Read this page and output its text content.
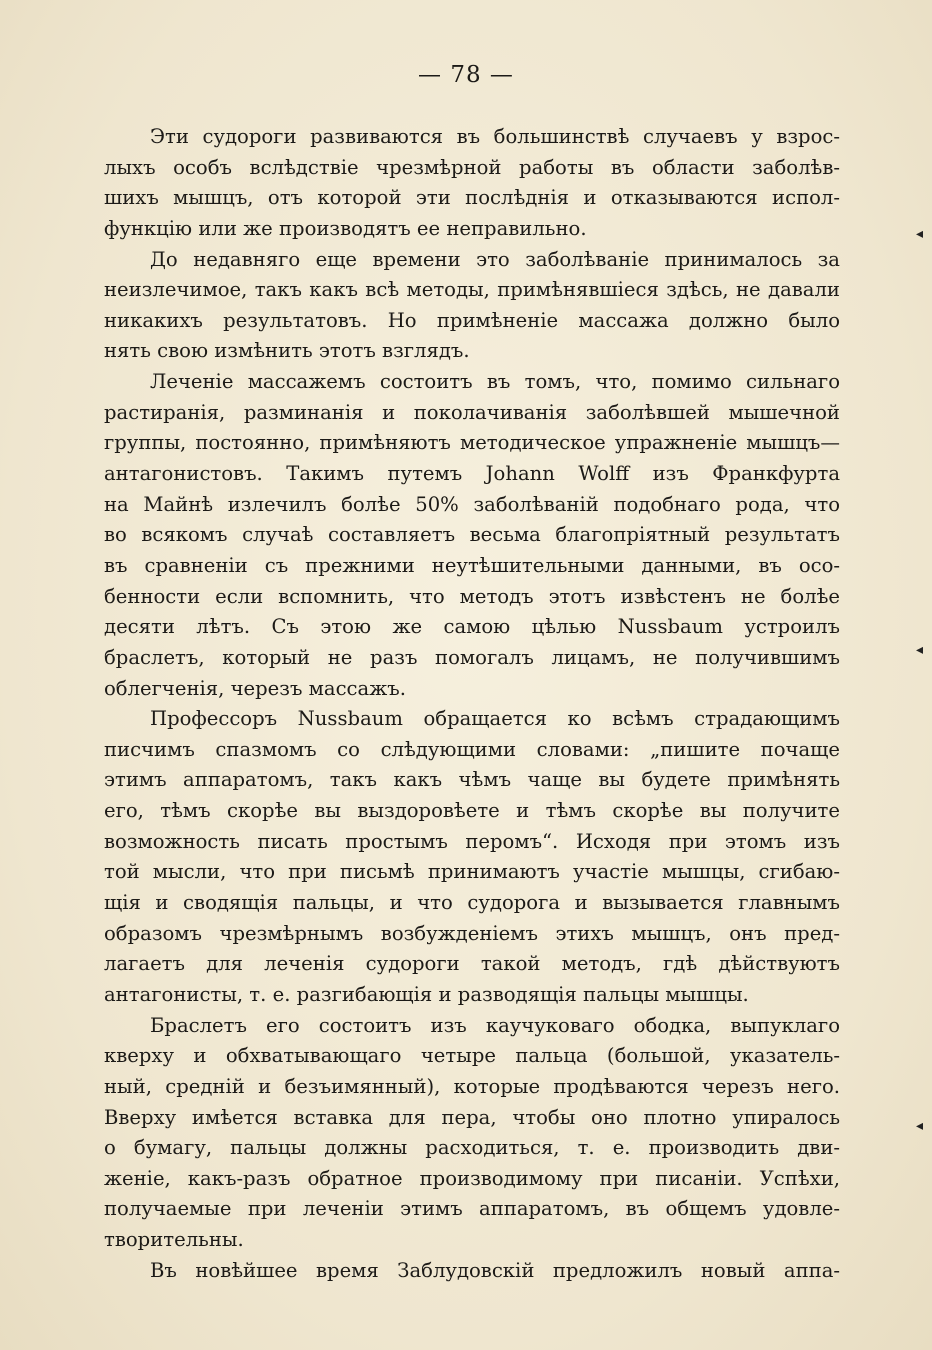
— 78 —
Эти судороги развиваются въ большинствѣ случаевъ у взрос-
лыхъ особъ вслѣдствіе чрезмѣрной работы въ области заболѣв-
шихъ мышцъ, отъ которой эти послѣднія и отказываются испол-
функцію или же производятъ ее неправильно.
До недавняго еще времени это заболѣваніе принималось за
неизлечимое, такъ какъ всѣ методы, примѣнявшіеся здѣсь, не давали
никакихъ результатовъ. Но примѣненіе массажа должно было
нять свою измѣнить этотъ взглядъ.
Леченіе массажемъ состоитъ въ томъ, что, помимо сильнаго
растиранія, разминанія и поколачиванія заболѣвшей мышечной
группы, постоянно, примѣняютъ методическое упражненіе мышцъ—
антагонистовъ. Такимъ путемъ Johann Wolff изъ Франкфурта
на Майнѣ излечилъ болѣе 50% заболѣваній подобнаго рода, что
во всякомъ случаѣ составляетъ весьма благопріятный результатъ
въ сравненіи съ прежними неутѣшительными данными, въ осо-
бенности если вспомнить, что методъ этотъ извѣстенъ не болѣе
десяти лѣтъ. Съ этою же самою цѣлью Nussbaum устроилъ
браслетъ, который не разъ помогалъ лицамъ, не получившимъ
облегченія, черезъ массажъ.
Профессоръ Nussbaum обращается ко всѣмъ страдающимъ
писчимъ спазмомъ со слѣдующими словами: „пишите почаще
этимъ аппаратомъ, такъ какъ чѣмъ чаще вы будете примѣнять
его, тѣмъ скорѣе вы выздоровѣете и тѣмъ скорѣе вы получите
возможность писать простымъ перомъ“. Исходя при этомъ изъ
той мысли, что при письмѣ принимаютъ участіе мышцы, сгибаю-
щія и сводящія пальцы, и что судорога и вызывается главнымъ
образомъ чрезмѣрнымъ возбужденіемъ этихъ мышцъ, онъ пред-
лагаетъ для леченія судороги такой методъ, гдѣ дѣйствуютъ
антагонисты, т. е. разгибающія и разводящія пальцы мышцы.
Браслетъ его состоитъ изъ каучуковаго ободка, выпуклаго
кверху и обхватывающаго четыре пальца (большой, указатель-
ный, средній и безъимянный), которые продѣваются черезъ него.
Вверху имѣется вставка для пера, чтобы оно плотно упиралось
о бумагу, пальцы должны расходиться, т. е. производить дви-
женіе, какъ-разъ обратное производимому при писаніи. Успѣхи,
получаемые при леченіи этимъ аппаратомъ, въ общемъ удовле-
творительны.
Въ новѣйшее время Заблудовскій предложилъ новый аппа-
◂
◂
◂
